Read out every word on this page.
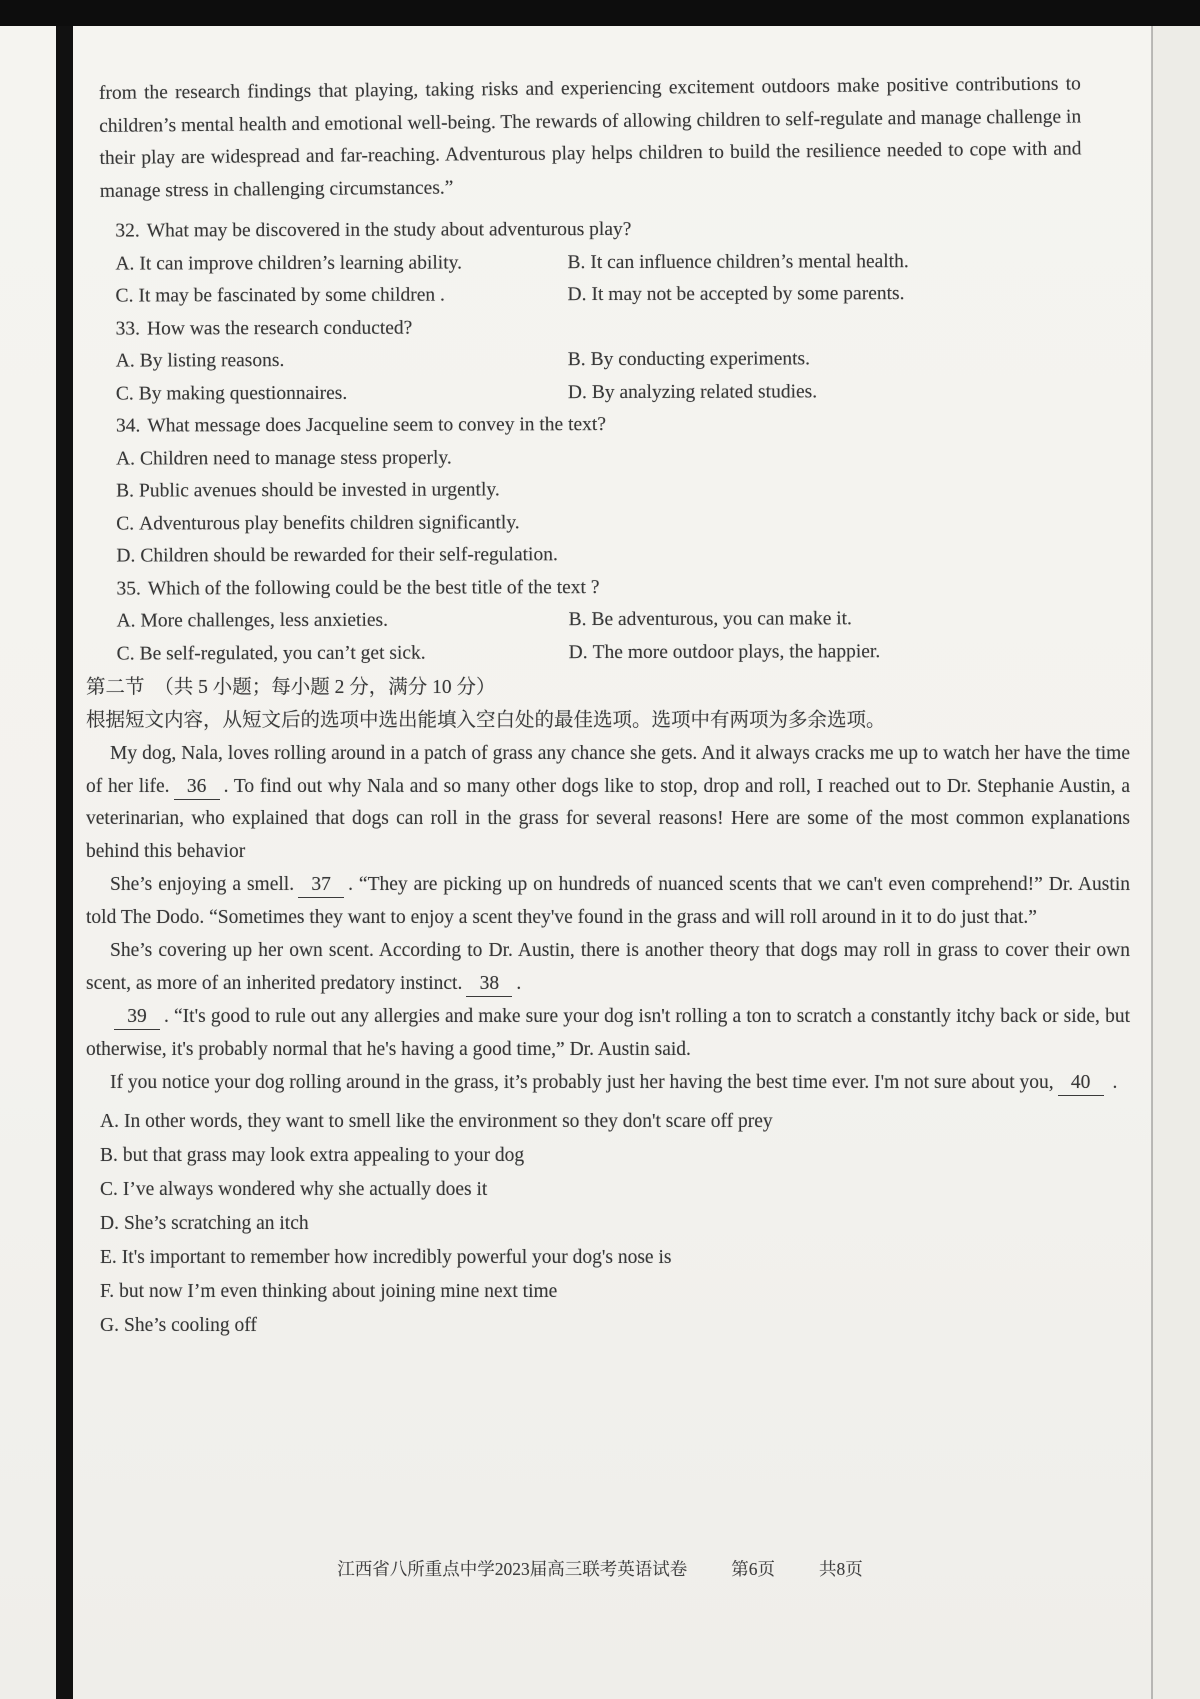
from the research findings that playing, taking risks and experiencing excitement outdoors make positive contributions to children’s mental health and emotional well-being. The rewards of allowing children to self-regulate and manage challenge in their play are widespread and far-reaching. Adventurous play helps children to build the resilience needed to cope with and manage stress in challenging circumstances.”

32. What may be discovered in the study about adventurous play?
A. It can improve children’s learning ability.	B. It can influence children’s mental health.
C. It may be fascinated by some children .	D. It may not be accepted by some parents.
33. How was the research conducted?
A. By listing reasons.	B. By conducting experiments.
C. By making questionnaires.	D. By analyzing related studies.
34. What message does Jacqueline seem to convey in the text?
A. Children need to manage stess properly.
B. Public avenues should be invested in urgently.
C. Adventurous play benefits children significantly.
D. Children should be rewarded for their self-regulation.
35. Which of the following could be the best title of the text ?
A. More challenges, less anxieties.	B. Be adventurous, you can make it.
C. Be self-regulated, you can’t get sick.	D. The more outdoor plays, the happier.
第二节　（共 5 小题；每小题 2 分，满分 10 分）
根据短文内容，从短文后的选项中选出能填入空白处的最佳选项。选项中有两项为多余选项。

My dog, Nala, loves rolling around in a patch of grass any chance she gets. And it always cracks me up to watch her have the time of her life. 36 . To find out why Nala and so many other dogs like to stop, drop and roll, I reached out to Dr. Stephanie Austin, a veterinarian, who explained that dogs can roll in the grass for several reasons! Here are some of the most common explanations behind this behavior

She’s enjoying a smell. 37 . “They are picking up on hundreds of nuanced scents that we can't even comprehend!” Dr. Austin told The Dodo. “Sometimes they want to enjoy a scent they've found in the grass and will roll around in it to do just that.”

She’s covering up her own scent. According to Dr. Austin, there is another theory that dogs may roll in grass to cover their own scent, as more of an inherited predatory instinct. 38 .

39 . “It's good to rule out any allergies and make sure your dog isn't rolling a ton to scratch a constantly itchy back or side, but otherwise, it's probably normal that he's having a good time,” Dr. Austin said.

If you notice your dog rolling around in the grass, it’s probably just her having the best time ever. I'm not sure about you, 40 .

A. In other words, they want to smell like the environment so they don't scare off prey
B. but that grass may look extra appealing to your dog
C. I’ve always wondered why she actually does it
D. She’s scratching an itch
E. It's important to remember how incredibly powerful your dog's nose is
F. but now I’m even thinking about joining mine next time
G. She’s cooling off
江西省八所重点中学2023届高三联考英语试卷	第6页	共8页
